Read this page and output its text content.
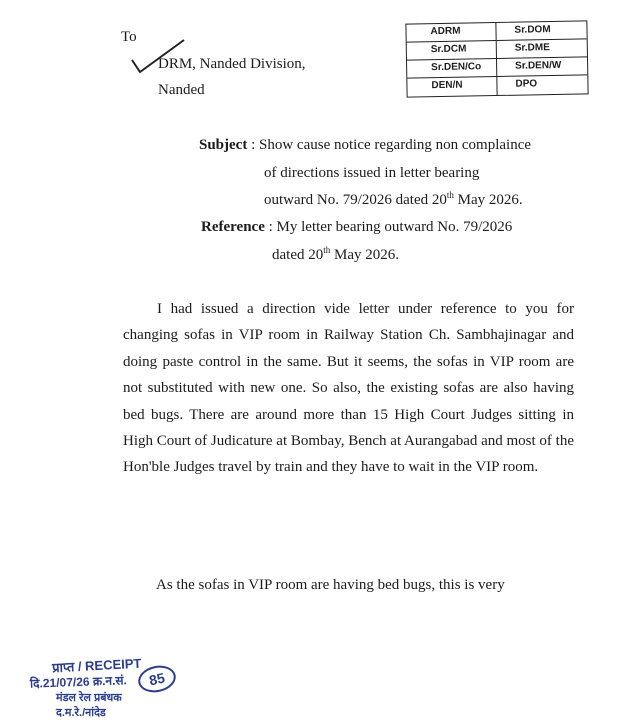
To
DRM, Nanded Division,
Nanded
ADRM	Sr.DOM
Sr.DCM	Sr.DME
Sr.DEN/Co	Sr.DEN/W
DEN/N	DPO
Subject : Show cause notice regarding non complaince
of directions issued in letter bearing
outward No. 79/2026 dated 20th May 2026.
Reference : My letter bearing outward No. 79/2026
dated 20th May 2026.
I had issued a direction vide letter under reference to you for changing sofas in VIP room in Railway Station Ch. Sambhajinagar and doing paste control in the same. But it seems, the sofas in VIP room are not substituted with new one. So also, the existing sofas are also having bed bugs. There are around more than 15 High Court Judges sitting in High Court of Judicature at Bombay, Bench at Aurangabad and most of the Hon'ble Judges travel by train and they have to wait in the VIP room.
As the sofas in VIP room are having bed bugs, this is very
प्राप्त / RECEIPT
दि.21/07/26 क्र.न.सं.
मंडल रेल प्रबंधक
द.म.रे./नांदेड
85
